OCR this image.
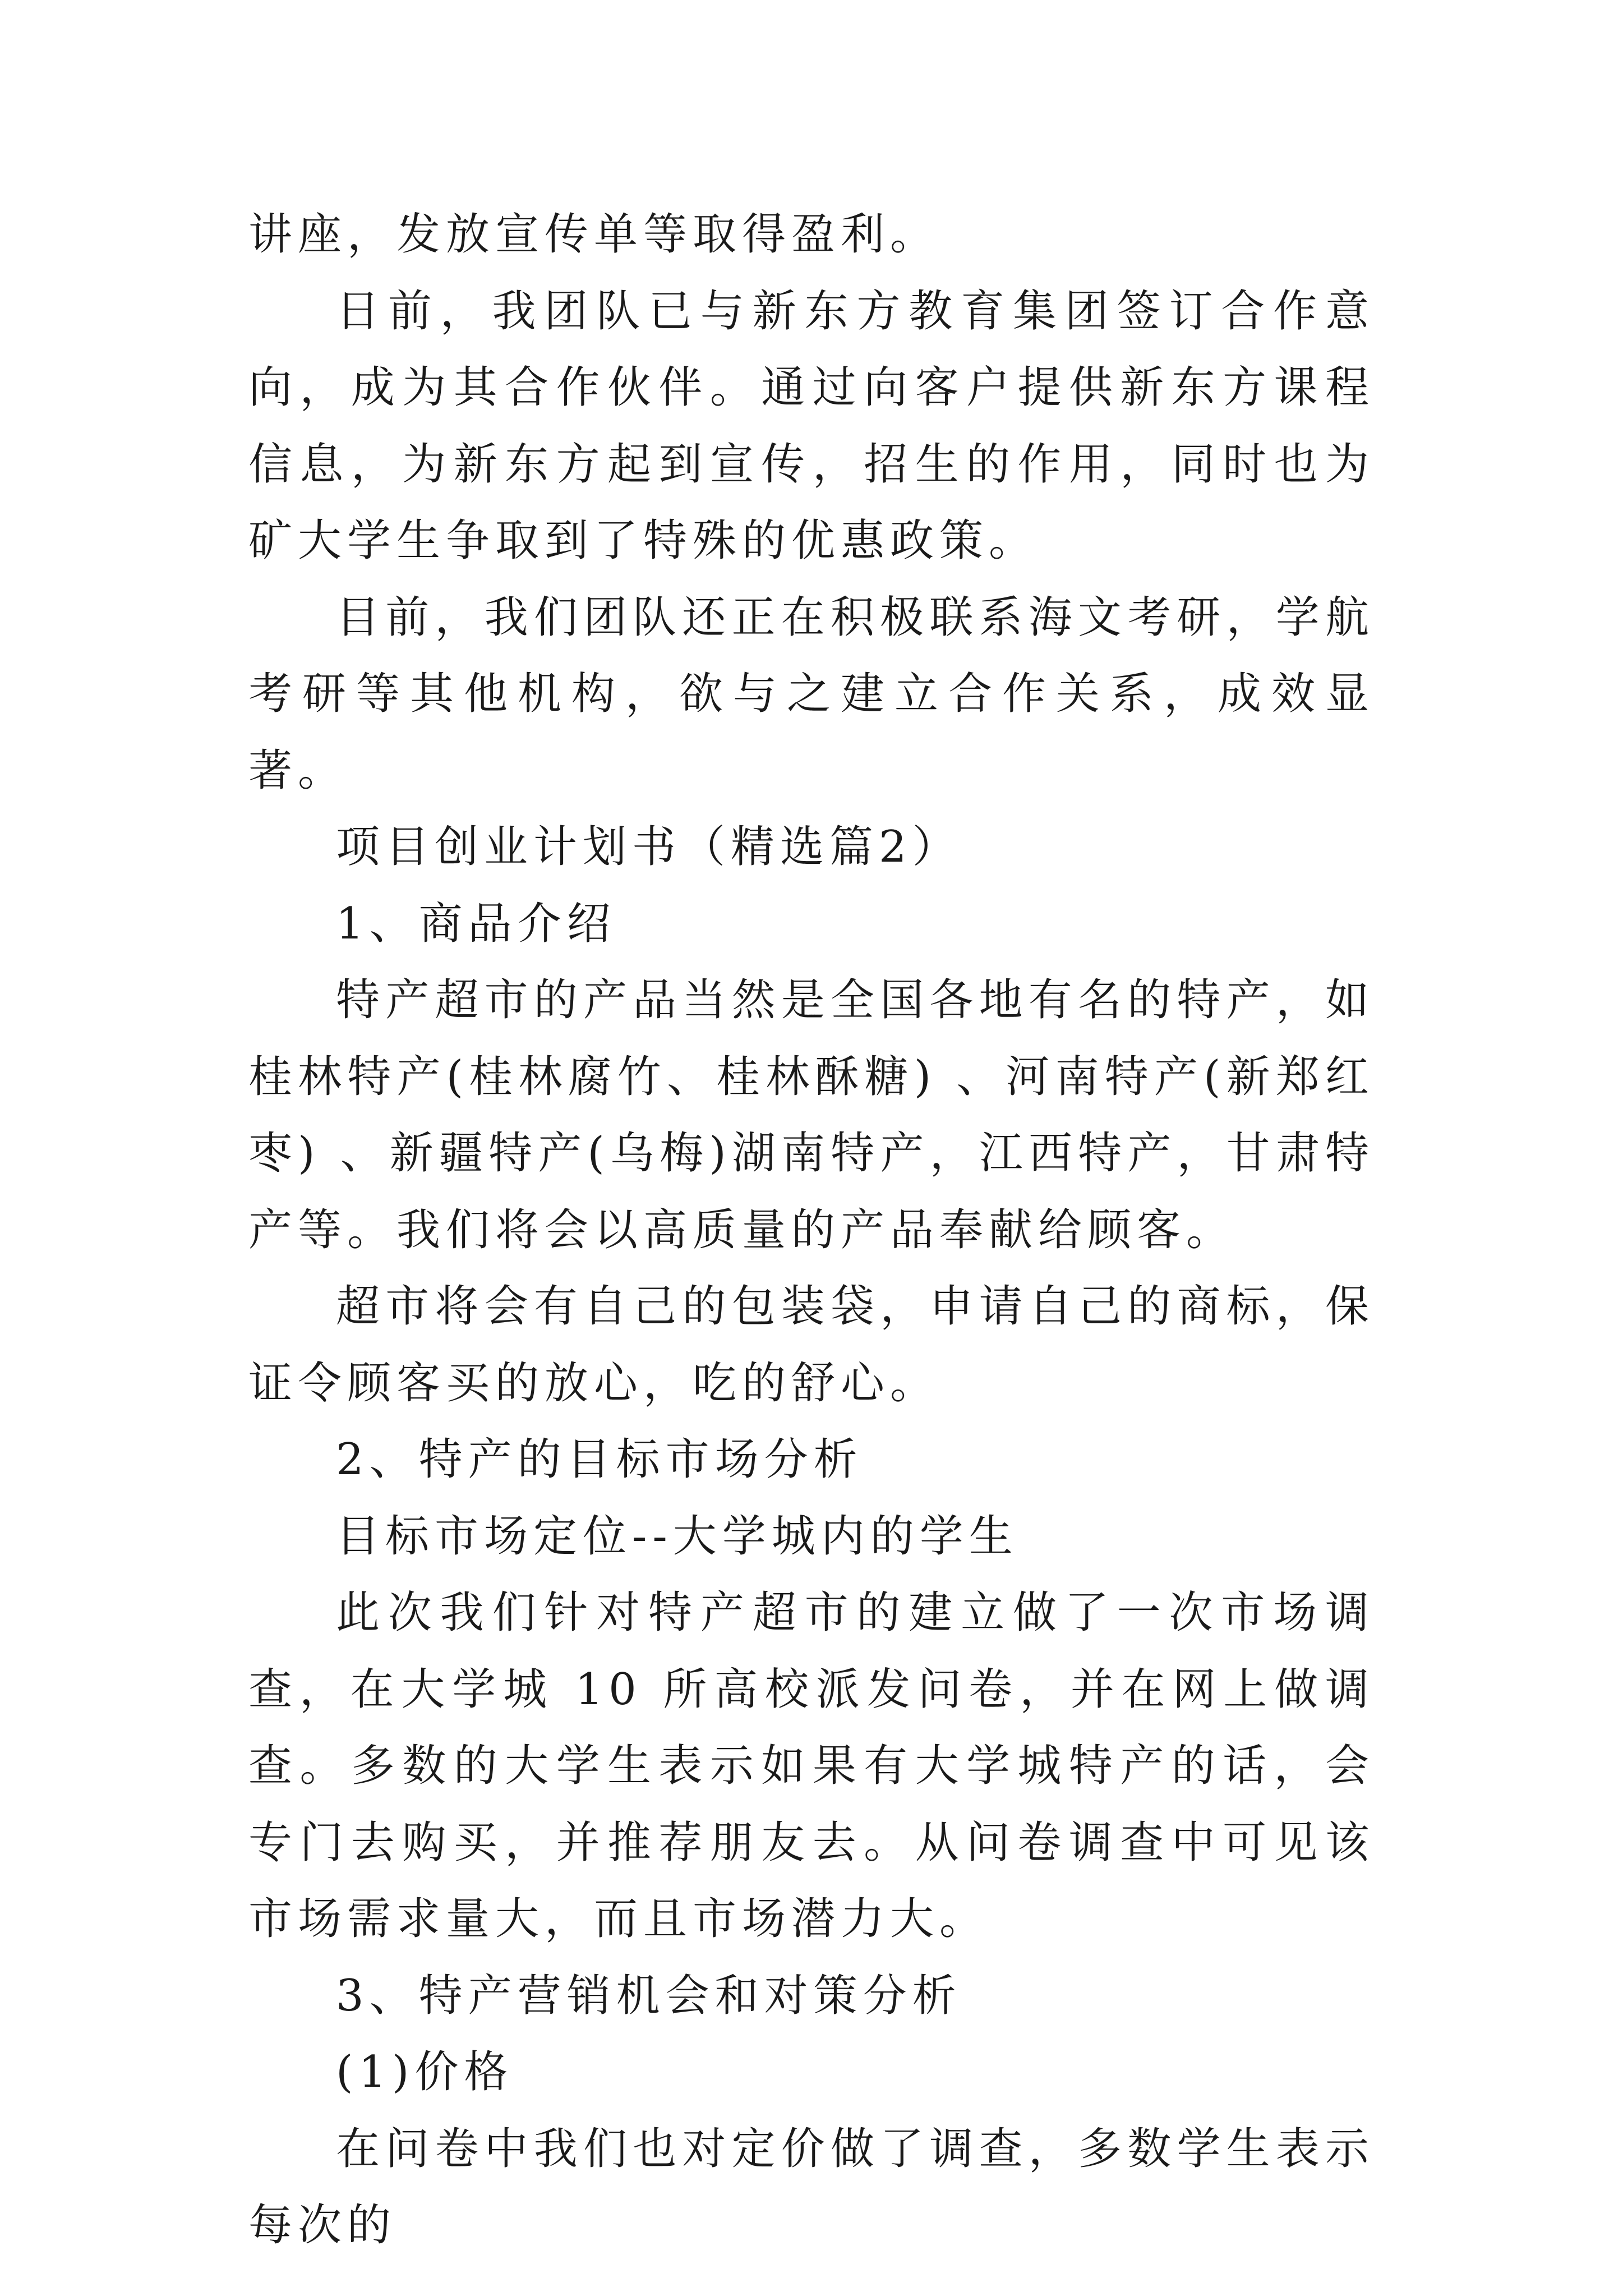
讲座，发放宣传单等取得盈利。

日前，我团队已与新东方教育集团签订合作意向，成为其合作伙伴。通过向客户提供新东方课程信息，为新东方起到宣传，招生的作用，同时也为矿大学生争取到了特殊的优惠政策。

目前，我们团队还正在积极联系海文考研，学航考研等其他机构，欲与之建立合作关系，成效显著。

项目创业计划书（精选篇2）

1、商品介绍

特产超市的产品当然是全国各地有名的特产，如桂林特产(桂林腐竹、桂林酥糖) 、河南特产(新郑红枣) 、新疆特产(乌梅)湖南特产，江西特产，甘肃特产等。我们将会以高质量的产品奉献给顾客。

超市将会有自己的包装袋，申请自己的商标，保证令顾客买的放心，吃的舒心。

2、特产的目标市场分析

目标市场定位--大学城内的学生

此次我们针对特产超市的建立做了一次市场调查，在大学城 10 所高校派发问卷，并在网上做调查。多数的大学生表示如果有大学城特产的话，会专门去购买，并推荐朋友去。从问卷调查中可见该市场需求量大，而且市场潜力大。

3、特产营销机会和对策分析

(1)价格

在问卷中我们也对定价做了调查，多数学生表示每次的
